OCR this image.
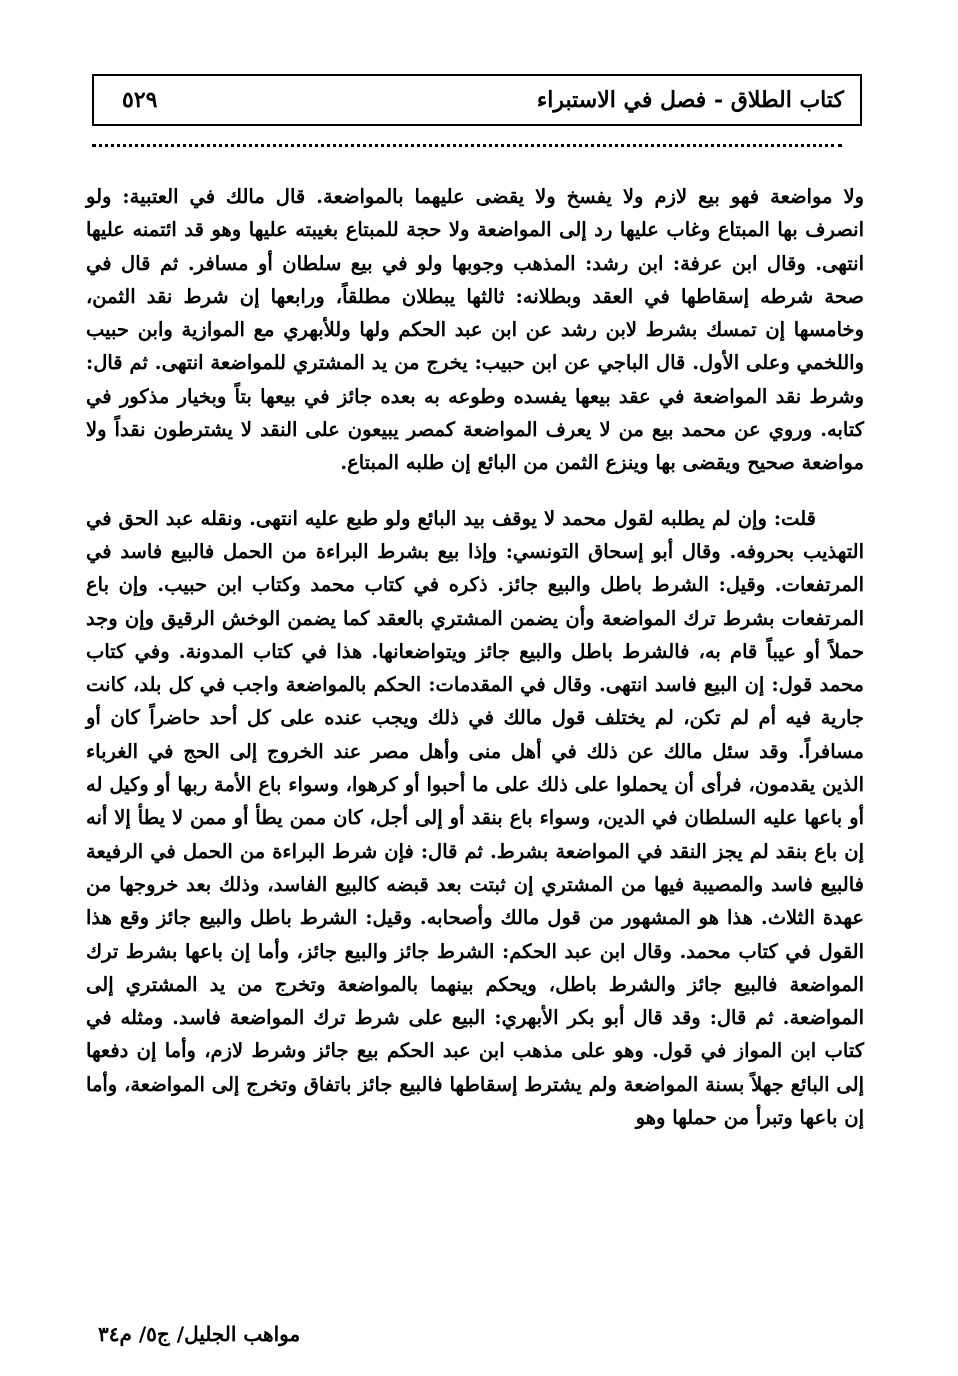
كتاب الطلاق - فصل في الاستبراء
٥٢٩

ولا مواضعة فهو بيع لازم ولا يفسخ ولا يقضى عليهما بالمواضعة. قال مالك في العتبية: ولو انصرف بها المبتاع وغاب عليها رد إلى المواضعة ولا حجة للمبتاع بغيبته عليها وهو قد ائتمنه عليها انتهى. وقال ابن عرفة: ابن رشد: المذهب وجوبها ولو في بيع سلطان أو مسافر. ثم قال في صحة شرطه إسقاطها في العقد وبطلانه: ثالثها يبطلان مطلقاً، ورابعها إن شرط نقد الثمن، وخامسها إن تمسك بشرط لابن رشد عن ابن عبد الحكم ولها وللأبهري مع الموازية وابن حبيب واللخمي وعلى الأول. قال الباجي عن ابن حبيب: يخرج من يد المشتري للمواضعة انتهى. ثم قال: وشرط نقد المواضعة في عقد بيعها يفسده وطوعه به بعده جائز في بيعها بتاً وبخيار مذكور في كتابه. وروي عن محمد بيع من لا يعرف المواضعة كمصر يبيعون على النقد لا يشترطون نقداً ولا مواضعة صحيح ويقضى بها وينزع الثمن من البائع إن طلبه المبتاع.

قلت: وإن لم يطلبه لقول محمد لا يوقف بيد البائع ولو طبع عليه انتهى. ونقله عبد الحق في التهذيب بحروفه. وقال أبو إسحاق التونسي: وإذا بيع بشرط البراءة من الحمل فالبيع فاسد في المرتفعات. وقيل: الشرط باطل والبيع جائز. ذكره في كتاب محمد وكتاب ابن حبيب. وإن باع المرتفعات بشرط ترك المواضعة وأن يضمن المشتري بالعقد كما يضمن الوخش الرقيق وإن وجد حملاً أو عيباً قام به، فالشرط باطل والبيع جائز ويتواضعانها. هذا في كتاب المدونة. وفي كتاب محمد قول: إن البيع فاسد انتهى. وقال في المقدمات: الحكم بالمواضعة واجب في كل بلد، كانت جارية فيه أم لم تكن، لم يختلف قول مالك في ذلك ويجب عنده على كل أحد حاضراً كان أو مسافراً. وقد سئل مالك عن ذلك في أهل منى وأهل مصر عند الخروج إلى الحج في الغرباء الذين يقدمون، فرأى أن يحملوا على ذلك على ما أحبوا أو كرهوا، وسواء باع الأمة ربها أو وكيل له أو باعها عليه السلطان في الدين، وسواء باع بنقد أو إلى أجل، كان ممن يطأ أو ممن لا يطأ إلا أنه إن باع بنقد لم يجز النقد في المواضعة بشرط. ثم قال: فإن شرط البراءة من الحمل في الرفيعة فالبيع فاسد والمصيبة فيها من المشتري إن ثبتت بعد قبضه كالبيع الفاسد، وذلك بعد خروجها من عهدة الثلاث. هذا هو المشهور من قول مالك وأصحابه. وقيل: الشرط باطل والبيع جائز وقع هذا القول في كتاب محمد. وقال ابن عبد الحكم: الشرط جائز والبيع جائز، وأما إن باعها بشرط ترك المواضعة فالبيع جائز والشرط باطل، ويحكم بينهما بالمواضعة وتخرج من يد المشتري إلى المواضعة. ثم قال: وقد قال أبو بكر الأبهري: البيع على شرط ترك المواضعة فاسد. ومثله في كتاب ابن المواز في قول. وهو على مذهب ابن عبد الحكم بيع جائز وشرط لازم، وأما إن دفعها إلى البائع جهلاً بسنة المواضعة ولم يشترط إسقاطها فالبيع جائز باتفاق وتخرج إلى المواضعة، وأما إن باعها وتبرأ من حملها وهو

مواهب الجليل/ ج٥/ م٣٤
